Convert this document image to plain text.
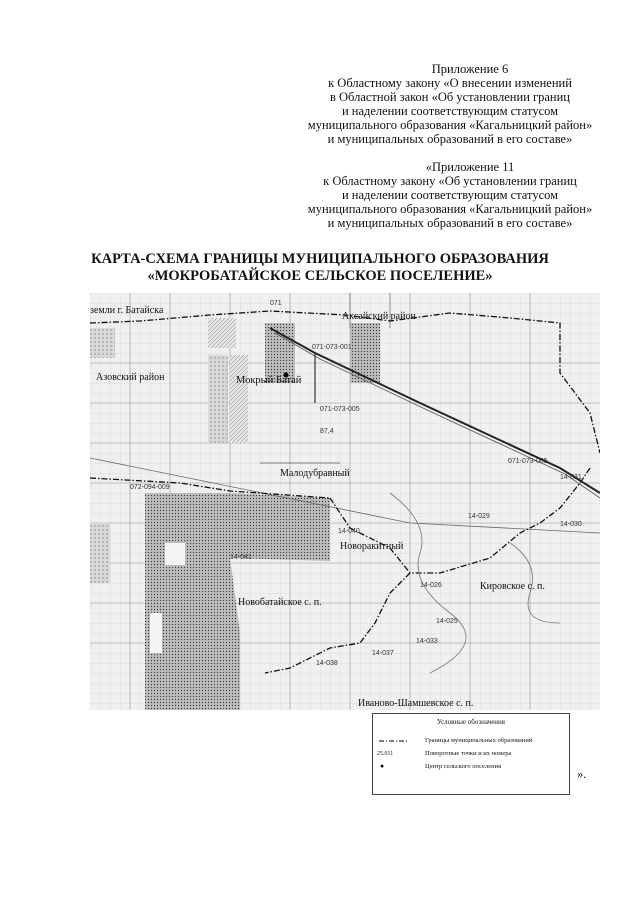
Приложение 6
к Областному закону «О внесении изменений
в Областной закон «Об установлении границ
и наделении соответствующим статусом
муниципального образования «Кагальницкий район»
и муниципальных образований в его составе»
«Приложение 11
к Областному закону «Об установлении границ
и наделении соответствующим статусом
муниципального образования «Кагальницкий район»
и муниципальных образований в его составе»
КАРТА-СХЕМА ГРАНИЦЫ МУНИЦИПАЛЬНОГО ОБРАЗОВАНИЯ
«МОКРОБАТАЙСКОЕ СЕЛЬСКОЕ ПОСЕЛЕНИЕ»
земли г. Батайска
Аксайский район
Азовский район	Мокрый Батай
Малодубравный
Новоракитный
Кировское с. п.
Новобатайское с. п.
Иваново-Шамшевское с. п.
071
071-073-001
071-073-005
071-073-005
14-031
14-030
14-029
14-040
14-041
14-026
14-025
14-033
14-037
14-038
072-094-009
87,4
Условные обозначения
Границы муниципальных образований
25.011	Поворотные точки и их номера
●	Центр сельского поселения
».
